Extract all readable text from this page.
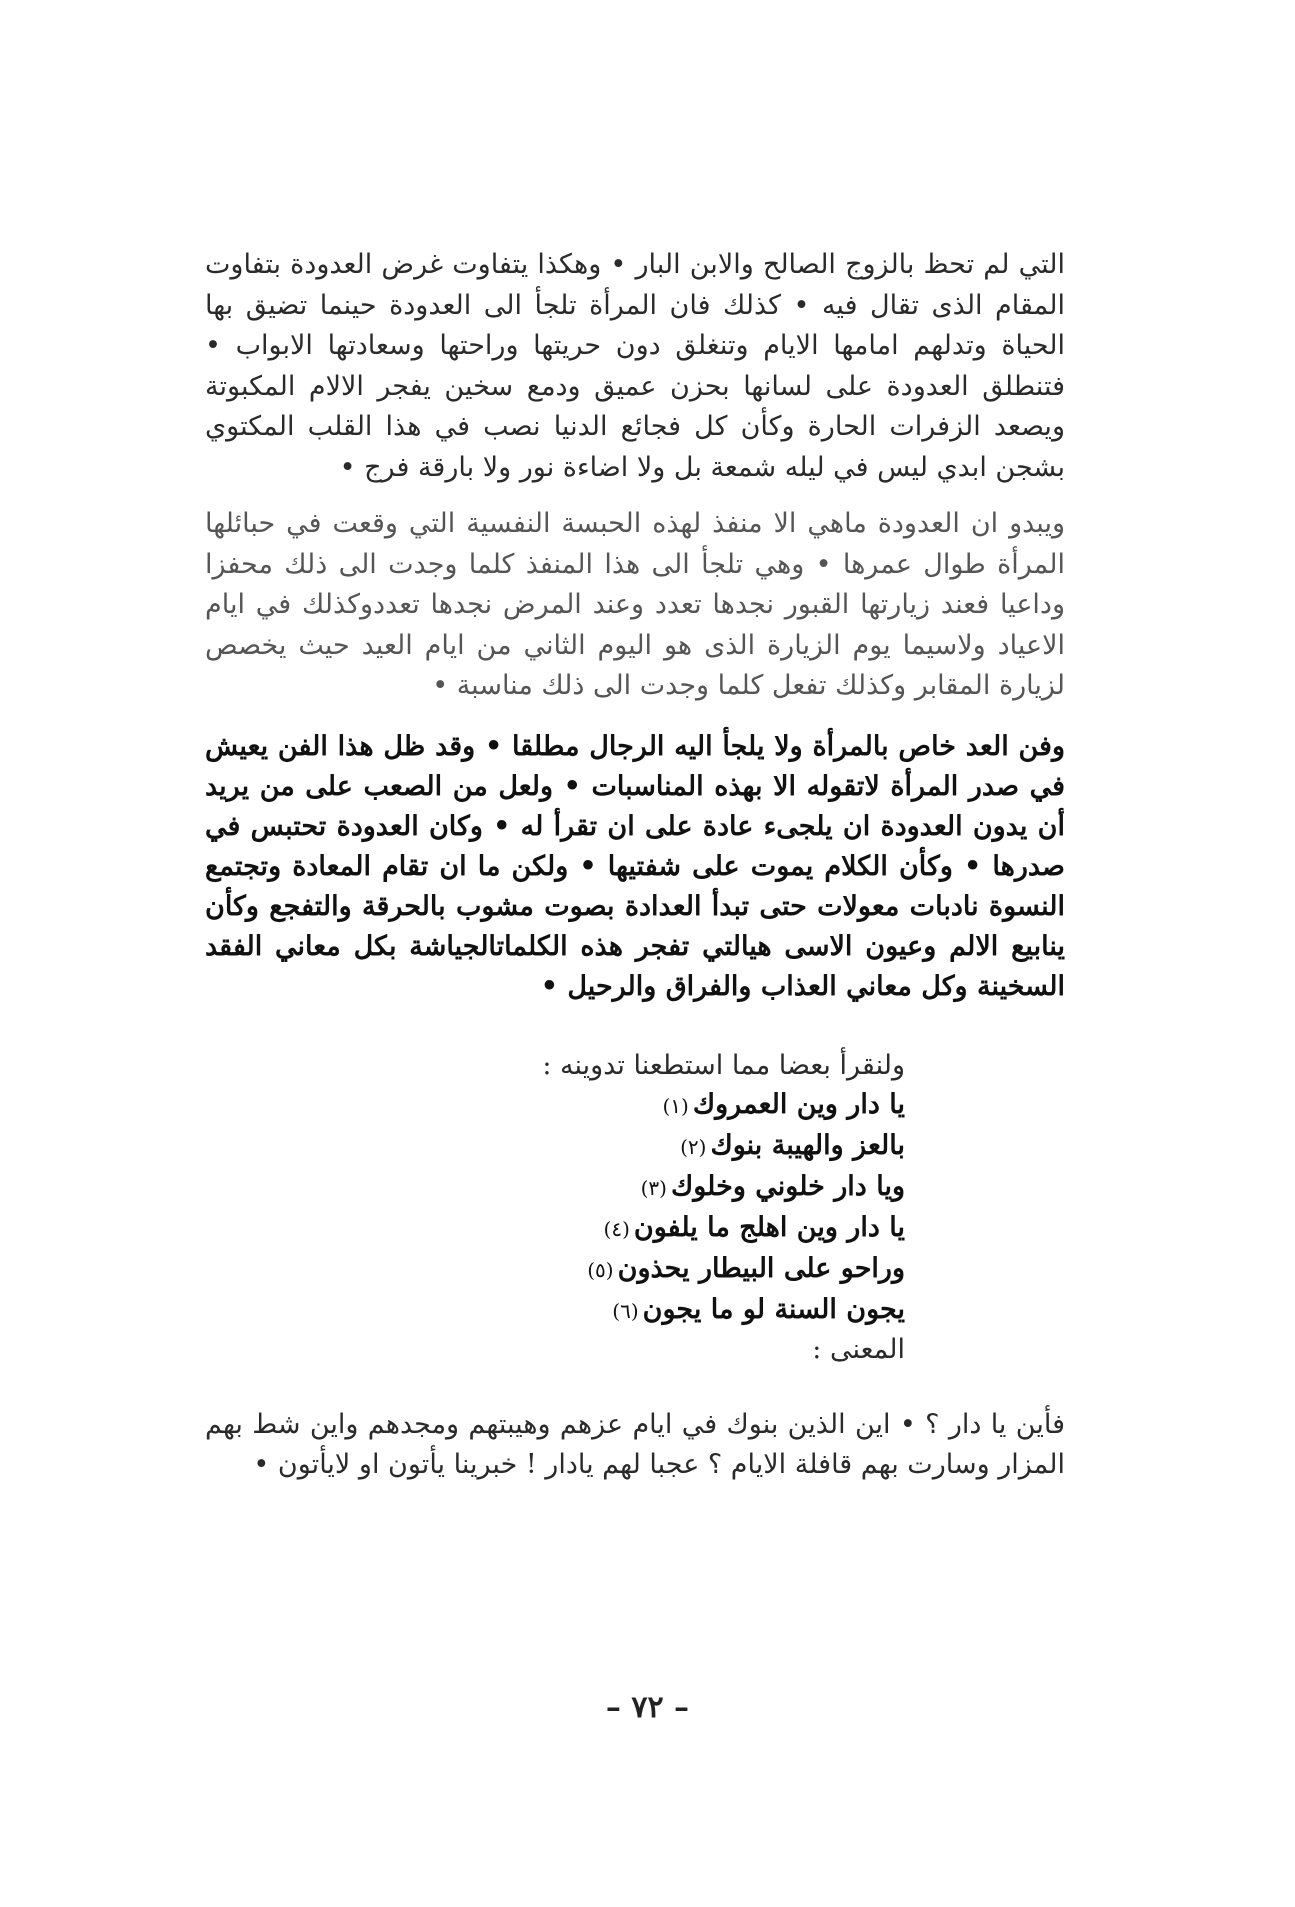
التي لم تحظ بالزوج الصالح والابن البار • وهكذا يتفاوت غرض العدودة بتفاوت المقام الذى تقال فيه • كذلك فان المرأة تلجأ الى العدودة حينما تضيق بها الحياة وتدلهم امامها الايام وتنغلق دون حريتها وراحتها وسعادتها الابواب • فتنطلق العدودة على لسانها بحزن عميق ودمع سخين يفجر الالام المكبوتة ويصعد الزفرات الحارة وكأن كل فجائع الدنيا نصب في هذا القلب المكتوي بشجن ابدي ليس في ليله شمعة بل ولا اضاءة نور ولا بارقة فرج •

ويبدو ان العدودة ماهي الا منفذ لهذه الحبسة النفسية التي وقعت في حبائلها المرأة طوال عمرها • وهي تلجأ الى هذا المنفذ كلما وجدت الى ذلك محفزا وداعيا فعند زيارتها القبور نجدها تعدد وعند المرض نجدها تعددوكذلك في ايام الاعياد ولاسيما يوم الزيارة الذى هو اليوم الثاني من ايام العيد حيث يخصص لزيارة المقابر وكذلك تفعل كلما وجدت الى ذلك مناسبة •

وفن العد خاص بالمرأة ولا يلجأ اليه الرجال مطلقا • وقد ظل هذا الفن يعيش في صدر المرأة لاتقوله الا بهذه المناسبات • ولعل من الصعب على من يريد أن يدون العدودة ان يلجىء عادة على ان تقرأ له • وكان العدودة تحتبس في صدرها • وكأن الكلام يموت على شفتيها • ولكن ما ان تقام المعادة وتجتمع النسوة نادبات معولات حتى تبدأ العدادة بصوت مشوب بالحرقة والتفجع وكأن ينابيع الالم وعيون الاسى هيالتي تفجر هذه الكلماتالجياشة بكل معاني الفقد السخينة وكل معاني العذاب والفراق والرحيل •

ولنقرأ بعضا مما استطعنا تدوينه :

يا دار وين العمروك(١)

بالعز والهيبة بنوك(٢)

ويا دار خلوني وخلوك(٣)

يا دار وين اهلج ما يلفون(٤)

وراحو على البيطار يحذون(٥)

يجون السنة لو ما يجون(٦)

المعنى :

فأين يا دار ؟ • اين الذين بنوك في ايام عزهم وهيبتهم ومجدهم واين شط بهم المزار وسارت بهم قافلة الايام ؟ عجبا لهم يادار ! خبرينا يأتون او لايأتون •

– ٧٢ –
